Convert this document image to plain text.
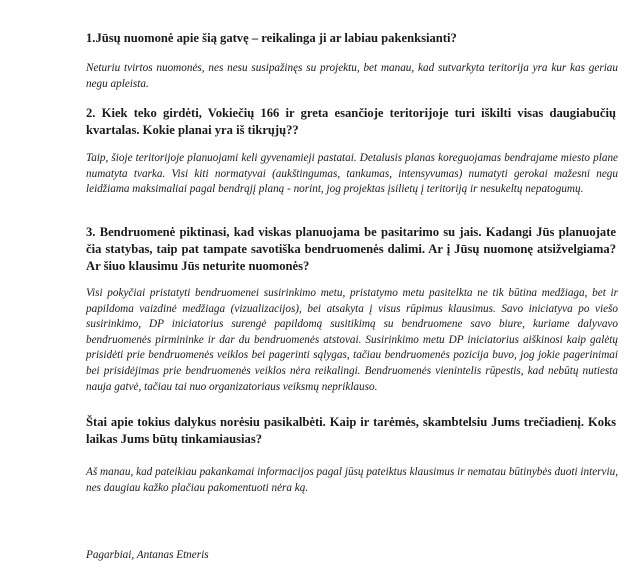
1.Jūsų nuomonė apie šią gatvę – reikalinga ji ar labiau pakenksianti?

Neturiu tvirtos nuomonės, nes nesu susipažinęs su projektu, bet manau, kad sutvarkyta teritorija yra kur kas geriau negu apleista.

2. Kiek teko girdėti, Vokiečių 166 ir greta esančioje teritorijoje turi iškilti visas daugiabučių kvartalas. Kokie planai yra iš tikrųjų??

Taip, šioje teritorijoje planuojami keli gyvenamieji pastatai. Detalusis planas koreguojamas bendrajame miesto plane numatyta tvarka. Visi kiti normatyvai (aukštingumas, tankumas, intensyvumas) numatyti gerokai mažesni negu leidžiama maksimaliai pagal bendrąjį planą - norint, jog projektas įsilietų į teritoriją ir nesukeltų nepatogumų.

3. Bendruomenė piktinasi, kad viskas planuojama be pasitarimo su jais. Kadangi Jūs planuojate čia statybas, taip pat tampate savotiška bendruomenės dalimi. Ar į Jūsų nuomonę atsižvelgiama? Ar šiuo klausimu Jūs neturite nuomonės?

Visi pokyčiai pristatyti bendruomenei susirinkimo metu, pristatymo metu pasitelkta ne tik būtina medžiaga, bet ir papildoma vaizdinė medžiaga (vizualizacijos), bei atsakyta į visus rūpimus klausimus. Savo iniciatyva po viešo susirinkimo, DP iniciatorius surengė papildomą susitikimą su bendruomene savo biure, kuriame dalyvavo bendruomenės pirmininke ir dar du bendruomenės atstovai. Susirinkimo metu DP iniciatorius aiškinosi kaip galėtų prisidėti prie bendruomenės veiklos bei pagerinti sąlygas, tačiau bendruomenės pozicija buvo, jog jokie pagerinimai bei prisidėjimas prie bendruomenės veiklos nėra reikalingi. Bendruomenės vienintelis rūpestis, kad nebūtų nutiesta nauja gatvė, tačiau tai nuo organizatoriaus veiksmų nepriklauso.

Štai apie tokius dalykus norėsiu pasikalbėti. Kaip ir tarėmės, skambtelsiu Jums trečiadienį. Koks laikas Jums būtų tinkamiausias?

Aš manau, kad pateikiau pakankamai informacijos pagal jūsų pateiktus klausimus ir nematau būtinybės duoti interviu, nes daugiau kažko plačiau pakomentuoti nėra ką.

Pagarbiai, Antanas Etneris
